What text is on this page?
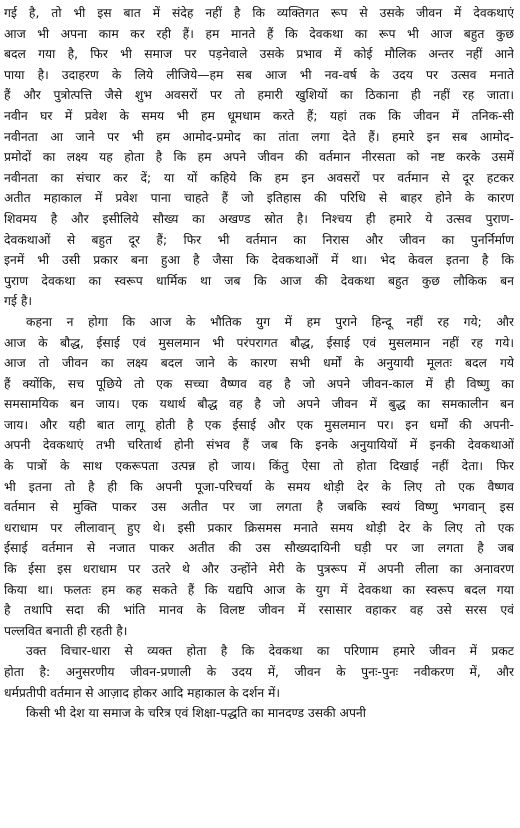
गई है, तो भी इस बात में संदेह नहीं है कि व्यक्तिगत रूप से उसके जीवन में देवकथाएं
आज भी अपना काम कर रही हैं। हम मानते हैं कि देवकथा का रूप भी आज बहुत कुछ
बदल गया है, फिर भी समाज पर पड़नेवाले उसके प्रभाव में कोई मौलिक अन्तर नहीं आने
पाया है। उदाहरण के लिये लीजिये—हम सब आज भी नव-वर्ष के उदय पर उत्सव मनाते
हैं और पुत्रोत्पत्ति जैसे शुभ अवसरों पर तो हमारी खुशियों का ठिकाना ही नहीं रह जाता।
नवीन घर में प्रवेश के समय भी हम धूमधाम करते हैं; यहां तक कि जीवन में तनिक-सी
नवीनता आ जाने पर भी हम आमोद-प्रमोद का तांता लगा देते हैं। हमारे इन सब आमोद-
प्रमोदों का लक्ष्य यह होता है कि हम अपने जीवन की वर्तमान नीरसता को नष्ट करके उसमें
नवीनता का संचार कर दें; या यों कहिये कि हम इन अवसरों पर वर्तमान से दूर हटकर
अतीत महाकाल में प्रवेश पाना चाहते हैं जो इतिहास की परिधि से बाहर होने के कारण
शिवमय है और इसीलिये सौख्य का अखण्ड स्रोत है। निश्चय ही हमारे ये उत्सव पुराण-
देवकथाओं से बहुत दूर हैं; फिर भी वर्तमान का निरास और जीवन का पुनर्निर्माण
इनमें भी उसी प्रकार बना हुआ है जैसा कि देवकथाओं में था। भेद केवल इतना है कि
पुराण देवकथा का स्वरूप धार्मिक था जब कि आज की देवकथा बहुत कुछ लौकिक बन
गई है।
कहना न होगा कि आज के भौतिक युग में हम पुराने हिन्दू नहीं रह गये; और
आज के बौद्ध, ईसाई एवं मुसलमान भी परंपरागत बौद्ध, ईसाई एवं मुसलमान नहीं रह गये।
आज तो जीवन का लक्ष्य बदल जाने के कारण सभी धर्मों के अनुयायी मूलतः बदल गये
हैं क्योंकि, सच पूछिये तो एक सच्चा वैष्णव वह है जो अपने जीवन-काल में ही विष्णु का
समसामयिक बन जाय। एक यथार्थ बौद्ध वह है जो अपने जीवन में बुद्ध का समकालीन बन
जाय। और यही बात लागू होती है एक ईसाई और एक मुसलमान पर। इन धर्मों की अपनी-
अपनी देवकथाएं तभी चरितार्थ होनी संभव हैं जब कि इनके अनुयायियों में इनकी देवकथाओं
के पात्रों के साथ एकरूपता उत्पन्न हो जाय। किंतु ऐसा तो होता दिखाई नहीं देता। फिर
भी इतना तो है ही कि अपनी पूजा-परिचर्या के समय थोड़ी देर के लिए तो एक वैष्णव
वर्तमान से मुक्ति पाकर उस अतीत पर जा लगता है जबकि स्वयं विष्णु भगवान् इस
धराधाम पर लीलावान् हुए थे। इसी प्रकार क्रिसमस मनाते समय थोड़ी देर के लिए तो एक
ईसाई वर्तमान से नजात पाकर अतीत की उस सौख्यदायिनी घड़ी पर जा लगता है जब
कि ईसा इस धराधाम पर उतरे थे और उन्होंने मेरी के पुत्ररूप में अपनी लीला का अनावरण
किया था। फलतः हम कह सकते हैं कि यद्यपि आज के युग में देवकथा का स्वरूप बदल गया
है तथापि सदा की भांति मानव के विलष्ट जीवन में रसासार वहाकर वह उसे सरस एवं
पल्लवित बनाती ही रहती है।
उक्त विचार-धारा से व्यक्त होता है कि देवकथा का परिणाम हमारे जीवन में प्रकट
होता है: अनुसरणीय जीवन-प्रणाली के उदय में, जीवन के पुनः-पुनः नवीकरण में, और
धर्मप्रतीपी वर्तमान से आज़ाद होकर आदि महाकाल के दर्शन में।
किसी भी देश या समाज के चरित्र एवं शिक्षा-पद्धति का मानदण्ड उसकी अपनी
